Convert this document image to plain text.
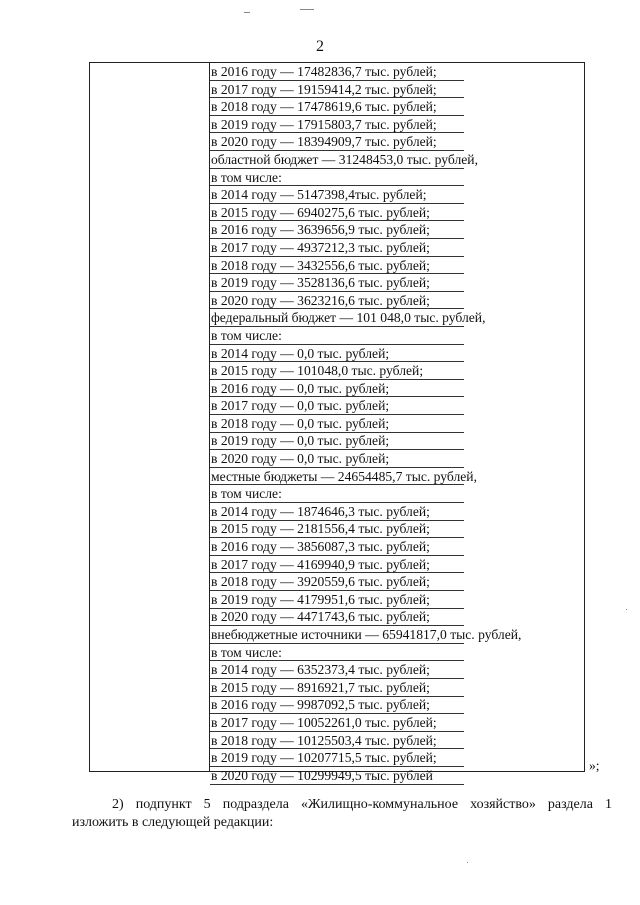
2
в 2016 году — 17482836,7 тыс. рублей;
в 2017 году — 19159414,2 тыс. рублей;
в 2018 году — 17478619,6 тыс. рублей;
в 2019 году — 17915803,7 тыс. рублей;
в 2020 году — 18394909,7 тыс. рублей;
областной бюджет — 31248453,0 тыс. рублей,
в том числе:
в 2014 году — 5147398,4тыс. рублей;
в 2015 году — 6940275,6 тыс. рублей;
в 2016 году — 3639656,9 тыс. рублей;
в 2017 году — 4937212,3 тыс. рублей;
в 2018 году — 3432556,6 тыс. рублей;
в 2019 году — 3528136,6 тыс. рублей;
в 2020 году — 3623216,6 тыс. рублей;
федеральный бюджет — 101 048,0 тыс. рублей,
в том числе:
в 2014 году — 0,0 тыс. рублей;
в 2015 году — 101048,0 тыс. рублей;
в 2016 году — 0,0 тыс. рублей;
в 2017 году — 0,0 тыс. рублей;
в 2018 году — 0,0 тыс. рублей;
в 2019 году — 0,0 тыс. рублей;
в 2020 году — 0,0 тыс. рублей;
местные бюджеты — 24654485,7 тыс. рублей,
в том числе:
в 2014 году — 1874646,3 тыс. рублей;
в 2015 году — 2181556,4 тыс. рублей;
в 2016 году — 3856087,3 тыс. рублей;
в 2017 году — 4169940,9 тыс. рублей;
в 2018 году — 3920559,6 тыс. рублей;
в 2019 году — 4179951,6 тыс. рублей;
в 2020 году — 4471743,6 тыс. рублей;
внебюджетные источники — 65941817,0 тыс. рублей,
в том числе:
в 2014 году — 6352373,4 тыс. рублей;
в 2015 году — 8916921,7 тыс. рублей;
в 2016 году — 9987092,5 тыс. рублей;
в 2017 году — 10052261,0 тыс. рублей;
в 2018 году — 10125503,4 тыс. рублей;
в 2019 году — 10207715,5 тыс. рублей;
в 2020 году — 10299949,5 тыс. рублей
»;
2) подпункт 5 подраздела «Жилищно-коммунальное хозяйство» раздела 1
изложить в следующей редакции:
